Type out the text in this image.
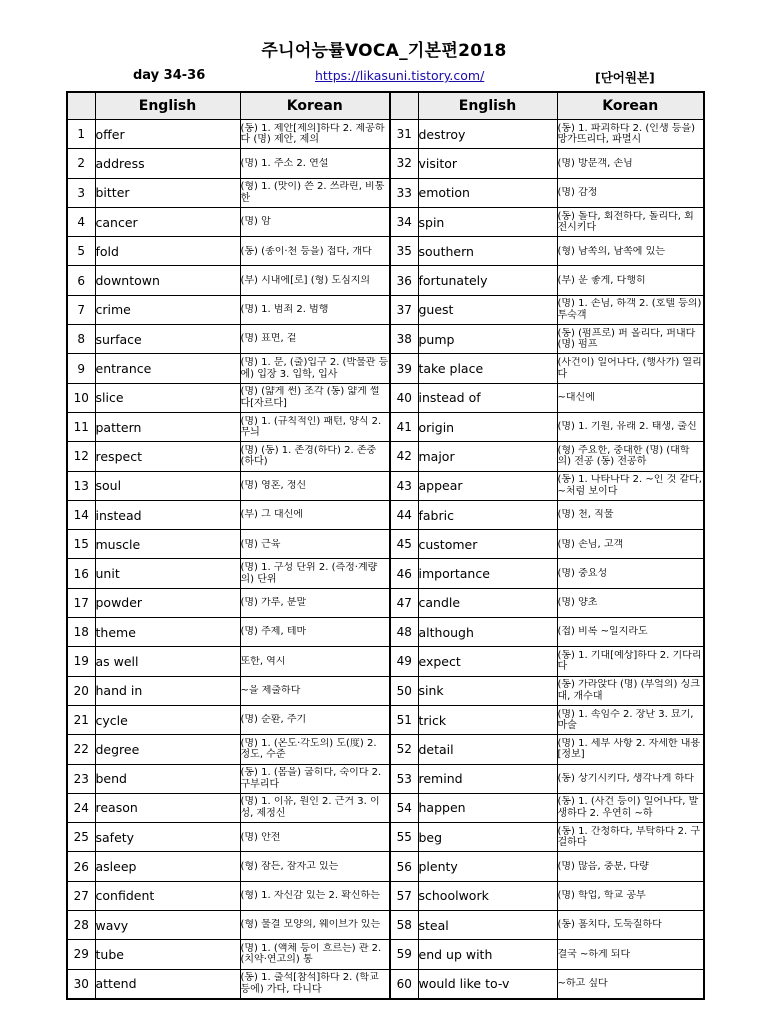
주니어능률VOCA_기본편2018
day 34-36	https://likasuni.tistory.com/	[단어원본]
	English	Korean		English	Korean
1	offer	(동) 1. 제안[제의]하다 2. 제공하다 (명) 제안, 제의	31	destroy	(동) 1. 파괴하다 2. (인생 등을) 망가뜨리다, 파멸시

2	address	(명) 1. 주소 2. 연설	32	visitor	(명) 방문객, 손님

3	bitter	(형) 1. (맛이) 쓴 2. 쓰라린, 비통한	33	emotion	(명) 감정

4	cancer	(명) 암	34	spin	(동) 돌다, 회전하다, 돌리다, 회전시키다

5	fold	(동) (종이·천 등을) 접다, 개다	35	southern	(형) 남쪽의, 남쪽에 있는

6	downtown	(부) 시내에[로] (형) 도심지의	36	fortunately	(부) 운 좋게, 다행히

7	crime	(명) 1. 범죄 2. 범행	37	guest	(명) 1. 손님, 하객 2. (호텔 등의) 투숙객

8	surface	(명) 표면, 겉	38	pump	(동) (펌프로) 퍼 올리다, 퍼내다 (명) 펌프

9	entrance	(명) 1. 문, (출)입구 2. (박물관 등에) 입장 3. 입학, 입사	39	take place	(사건이) 일어나다, (행사가) 열리다

10	slice	(명) (얇게 썬) 조각 (동) 얇게 썰다[자르다]	40	instead of	~대신에

11	pattern	(명) 1. (규칙적인) 패턴, 양식 2. 무늬	41	origin	(명) 1. 기원, 유래 2. 태생, 출신

12	respect	(명) (동) 1. 존경(하다) 2. 존중(하다)	42	major	(형) 주요한, 중대한 (명) (대학의) 전공 (동) 전공하

13	soul	(명) 영혼, 정신	43	appear	(동) 1. 나타나다 2. ~인 것 같다, ~처럼 보이다

14	instead	(부) 그 대신에	44	fabric	(명) 천, 직물

15	muscle	(명) 근육	45	customer	(명) 손님, 고객

16	unit	(명) 1. 구성 단위 2. (측정·계량의) 단위	46	importance	(명) 중요성

17	powder	(명) 가루, 분말	47	candle	(명) 양초

18	theme	(명) 주제, 테마	48	although	(접) 비록 ~일지라도

19	as well	또한, 역시	49	expect	(동) 1. 기대[예상]하다 2. 기다리다

20	hand in	~을 제출하다	50	sink	(동) 가라앉다 (명) (부엌의) 싱크대, 개수대

21	cycle	(명) 순환, 주기	51	trick	(명) 1. 속임수 2. 장난 3. 묘기, 마술

22	degree	(명) 1. (온도·각도의) 도(度) 2. 정도, 수준	52	detail	(명) 1. 세부 사항 2. 자세한 내용[정보]

23	bend	(동) 1. (몸을) 굽히다, 숙이다 2. 구부리다	53	remind	(동) 상기시키다, 생각나게 하다

24	reason	(명) 1. 이유, 원인 2. 근거 3. 이성, 제정신	54	happen	(동) 1. (사건 등이) 일어나다, 발생하다 2. 우연히 ~하

25	safety	(명) 안전	55	beg	(동) 1. 간청하다, 부탁하다 2. 구걸하다

26	asleep	(형) 잠든, 잠자고 있는	56	plenty	(명) 많음, 충분, 다량

27	confident	(형) 1. 자신감 있는 2. 확신하는	57	schoolwork	(명) 학업, 학교 공부

28	wavy	(형) 물결 모양의, 웨이브가 있는	58	steal	(동) 훔치다, 도둑질하다

29	tube	(명) 1. (액체 등이 흐르는) 관 2. (치약·연고의) 통	59	end up with	결국 ~하게 되다

30	attend	(동) 1. 출석[참석]하다 2. (학교 등에) 가다, 다니다	60	would like to-v	~하고 싶다
